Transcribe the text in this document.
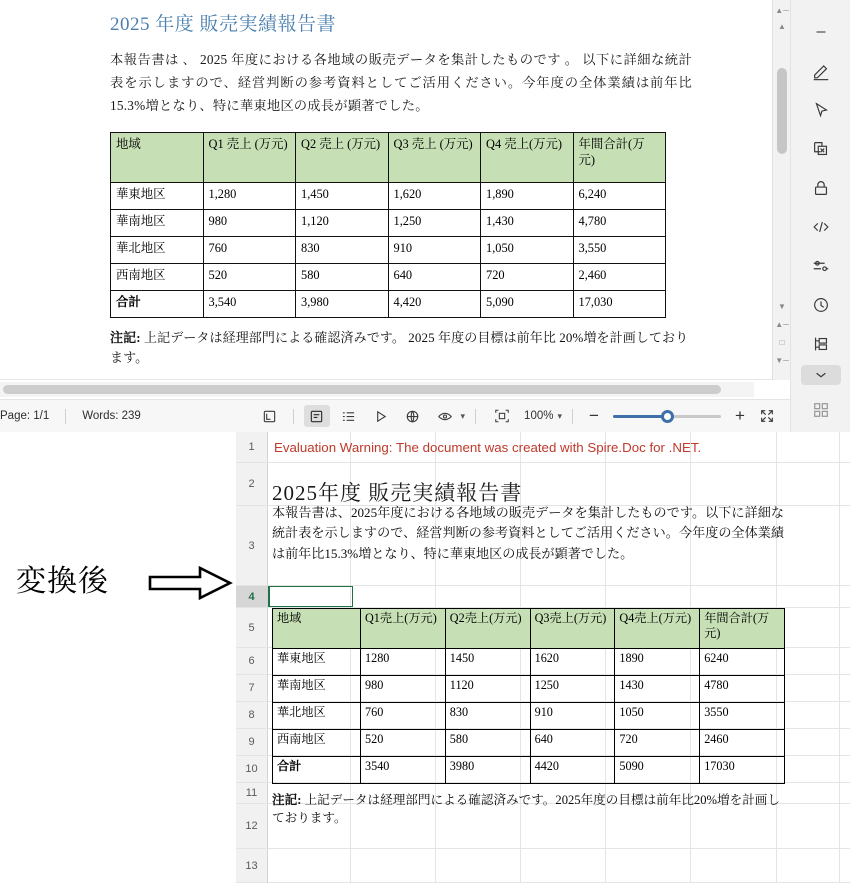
2025 年度 販売実績報告書

本報告書は 、 2025 年度における各地域の販売データを集計したものです 。 以下に詳細な統計表を示しますので、経営判断の参考資料としてご活用ください。今年度の全体業績は前年比 15.3%増となり、特に華東地区の成長が顕著でした。

地域	Q1 売上 (万元)	Q2 売上 (万元)	Q3 売上 (万元)	Q4 売上(万元)	年間合計(万元)
華東地区	1,280	1,450	1,620	1,890	6,240
華南地区	980	1,120	1,250	1,430	4,780
華北地区	760	830	910	1,050	3,550
西南地区	520	580	640	720	2,460
合計	3,540	3,980	4,420	5,090	17,030

注記: 上記データは経理部門による確認済みです。 2025 年度の目標は前年比 20%増を計画しております。

▲─
▲
▼
▲─
□
▼─
Page: 1/1	Words: 239	▾	100% ▾	−	+
変換後
1
2
3
4
5
6
7
8
9
10
11
12
13
Evaluation Warning: The document was created with Spire.Doc for .NET.
2025年度 販売実績報告書
本報告書は、2025年度における各地域の販売データを集計したものです。以下に詳細な統計表を示しますので、経営判断の参考資料としてご活用ください。今年度の全体業績は前年比15.3%増となり、特に華東地区の成長が顕著でした。
地域	Q1売上(万元)	Q2売上(万元)	Q3売上(万元)	Q4売上(万元)	年間合計(万元)
華東地区	1280	1450	1620	1890	6240
華南地区	980	1120	1250	1430	4780
華北地区	760	830	910	1050	3550
西南地区	520	580	640	720	2460
合計	3540	3980	4420	5090	17030
注記: 上記データは経理部門による確認済みです。2025年度の目標は前年比20%増を計画しております。
